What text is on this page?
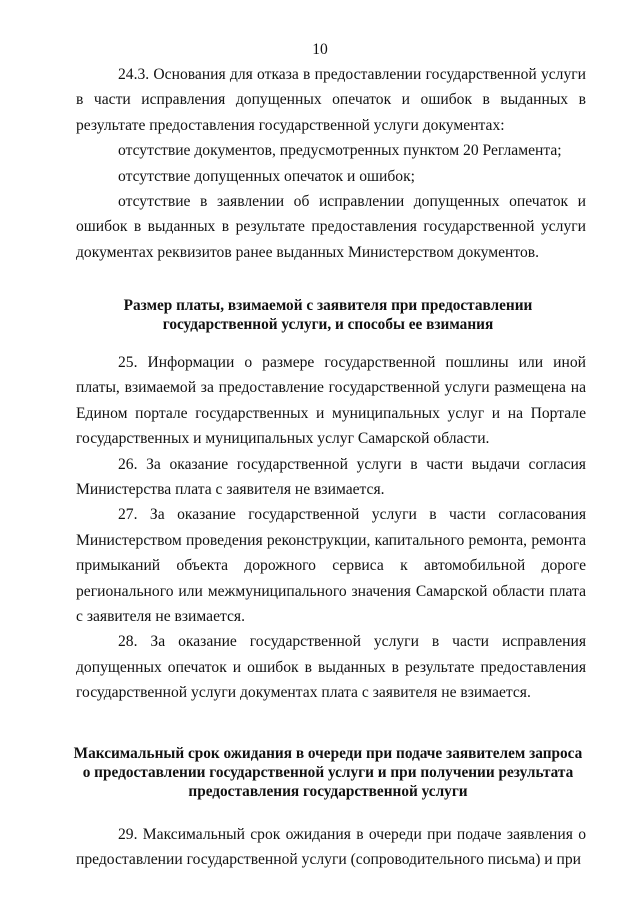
10

24.3. Основания для отказа в предоставлении государственной услуги в части исправления допущенных опечаток и ошибок в выданных в результате предоставления государственной услуги документах:

отсутствие документов, предусмотренных пунктом 20 Регламента;

отсутствие допущенных опечаток и ошибок;

отсутствие в заявлении об исправлении допущенных опечаток и ошибок в выданных в результате предоставления государственной услуги документах реквизитов ранее выданных Министерством документов.

Размер платы, взимаемой с заявителя при предоставлении государственной услуги, и способы ее взимания

25. Информации о размере государственной пошлины или иной платы, взимаемой за предоставление государственной услуги размещена на Едином портале государственных и муниципальных услуг и на Портале государственных и муниципальных услуг Самарской области.

26. За оказание государственной услуги в части выдачи согласия Министерства плата с заявителя не взимается.

27. За оказание государственной услуги в части согласования Министерством проведения реконструкции, капитального ремонта, ремонта примыканий объекта дорожного сервиса к автомобильной дороге регионального или межмуниципального значения Самарской области плата с заявителя не взимается.

28. За оказание государственной услуги в части исправления допущенных опечаток и ошибок в выданных в результате предоставления государственной услуги документах плата с заявителя не взимается.

Максимальный срок ожидания в очереди при подаче заявителем запроса о предоставлении государственной услуги и при получении результата предоставления государственной услуги

29. Максимальный срок ожидания в очереди при подаче заявления о предоставлении государственной услуги (сопроводительного письма) и при
